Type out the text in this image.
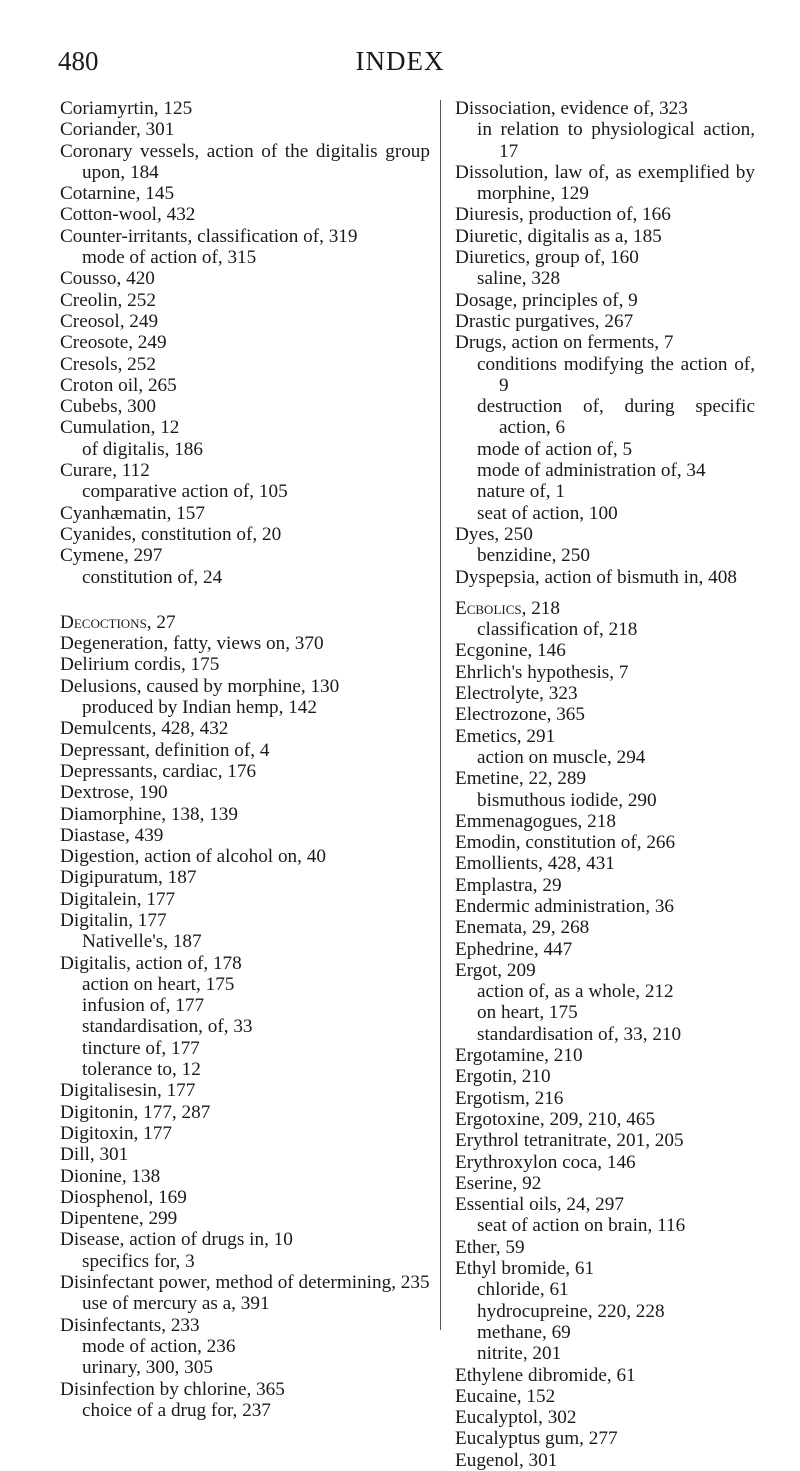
480	INDEX
Coriamyrtin, 125
Coriander, 301
Coronary vessels, action of the digitalis group upon, 184
Cotarnine, 145
Cotton-wool, 432
Counter-irritants, classification of, 319
mode of action of, 315
Cousso, 420
Creolin, 252
Creosol, 249
Creosote, 249
Cresols, 252
Croton oil, 265
Cubebs, 300
Cumulation, 12
of digitalis, 186
Curare, 112
comparative action of, 105
Cyanhæmatin, 157
Cyanides, constitution of, 20
Cymene, 297
constitution of, 24
Decoctions, 27
Degeneration, fatty, views on, 370
Delirium cordis, 175
Delusions, caused by morphine, 130
produced by Indian hemp, 142
Demulcents, 428, 432
Depressant, definition of, 4
Depressants, cardiac, 176
Dextrose, 190
Diamorphine, 138, 139
Diastase, 439
Digestion, action of alcohol on, 40
Digipuratum, 187
Digitalein, 177
Digitalin, 177
Nativelle's, 187
Digitalis, action of, 178
action on heart, 175
infusion of, 177
standardisation, of, 33
tincture of, 177
tolerance to, 12
Digitalisesin, 177
Digitonin, 177, 287
Digitoxin, 177
Dill, 301
Dionine, 138
Diosphenol, 169
Dipentene, 299
Disease, action of drugs in, 10
specifics for, 3
Disinfectant power, method of determining, 235
use of mercury as a, 391
Disinfectants, 233
mode of action, 236
urinary, 300, 305
Disinfection by chlorine, 365
choice of a drug for, 237
Dissociation, evidence of, 323
in relation to physiological action, 17
Dissolution, law of, as exemplified by morphine, 129
Diuresis, production of, 166
Diuretic, digitalis as a, 185
Diuretics, group of, 160
saline, 328
Dosage, principles of, 9
Drastic purgatives, 267
Drugs, action on ferments, 7
conditions modifying the action of, 9
destruction of, during specific action, 6
mode of action of, 5
mode of administration of, 34
nature of, 1
seat of action, 100
Dyes, 250
benzidine, 250
Dyspepsia, action of bismuth in, 408
Ecbolics, 218
classification of, 218
Ecgonine, 146
Ehrlich's hypothesis, 7
Electrolyte, 323
Electrozone, 365
Emetics, 291
action on muscle, 294
Emetine, 22, 289
bismuthous iodide, 290
Emmenagogues, 218
Emodin, constitution of, 266
Emollients, 428, 431
Emplastra, 29
Endermic administration, 36
Enemata, 29, 268
Ephedrine, 447
Ergot, 209
action of, as a whole, 212
on heart, 175
standardisation of, 33, 210
Ergotamine, 210
Ergotin, 210
Ergotism, 216
Ergotoxine, 209, 210, 465
Erythrol tetranitrate, 201, 205
Erythroxylon coca, 146
Eserine, 92
Essential oils, 24, 297
seat of action on brain, 116
Ether, 59
Ethyl bromide, 61
chloride, 61
hydrocupreine, 220, 228
methane, 69
nitrite, 201
Ethylene dibromide, 61
Eucaine, 152
Eucalyptol, 302
Eucalyptus gum, 277
Eugenol, 301
